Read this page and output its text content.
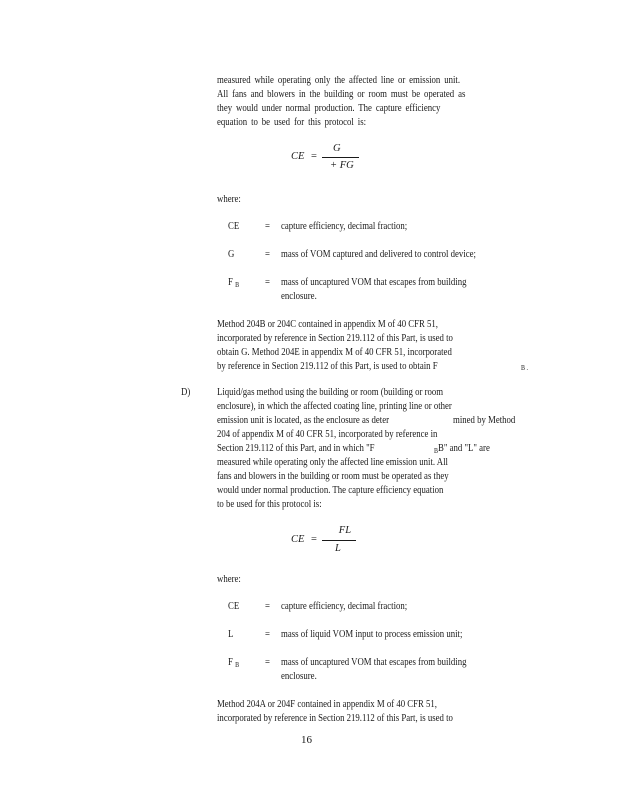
measured while operating only the affected line or emission unit.
All fans and blowers in the building or room must be operated as
they would under normal production. The capture efficiency
equation to be used for this protocol is:
CE =
G
+ FG
where:
CE	= capture efficiency, decimal fraction;
G	= mass of VOM captured and delivered to control device;
F $_B$	= mass of uncaptured VOM that escapes from building
enclosure.
Method 204B or 204C contained in appendix M of 40 CFR 51,
incorporated by reference in Section 219.112 of this Part, is used to
obtain G. Method 204E in appendix M of 40 CFR 51, incorporated
by reference in Section 219.112 of this Part, is used to obtain F	B .
D)	Liquid/gas method using the building or room (building or room
enclosure), in which the affected coating line, printing line or other
emission unit is located, as the enclosure as deter	mined by Method
204 of appendix M of 40 CFR 51, incorporated by reference in
Section 219.112 of this Part, and in which "F	$_B$B" and "L" are
measured while operating only the affected line emission unit. All
fans and blowers in the building or room must be operated as they
would under normal production. The capture efficiency equation
to be used for this protocol is:
CE =
  FL
L
where:
CE	= capture efficiency, decimal fraction;
L	= mass of liquid VOM input to process emission unit;
F $_B$	= mass of uncaptured VOM that escapes from building
enclosure.
Method 204A or 204F contained in appendix M of 40 CFR 51,
incorporated by reference in Section 219.112 of this Part, is used to
16
